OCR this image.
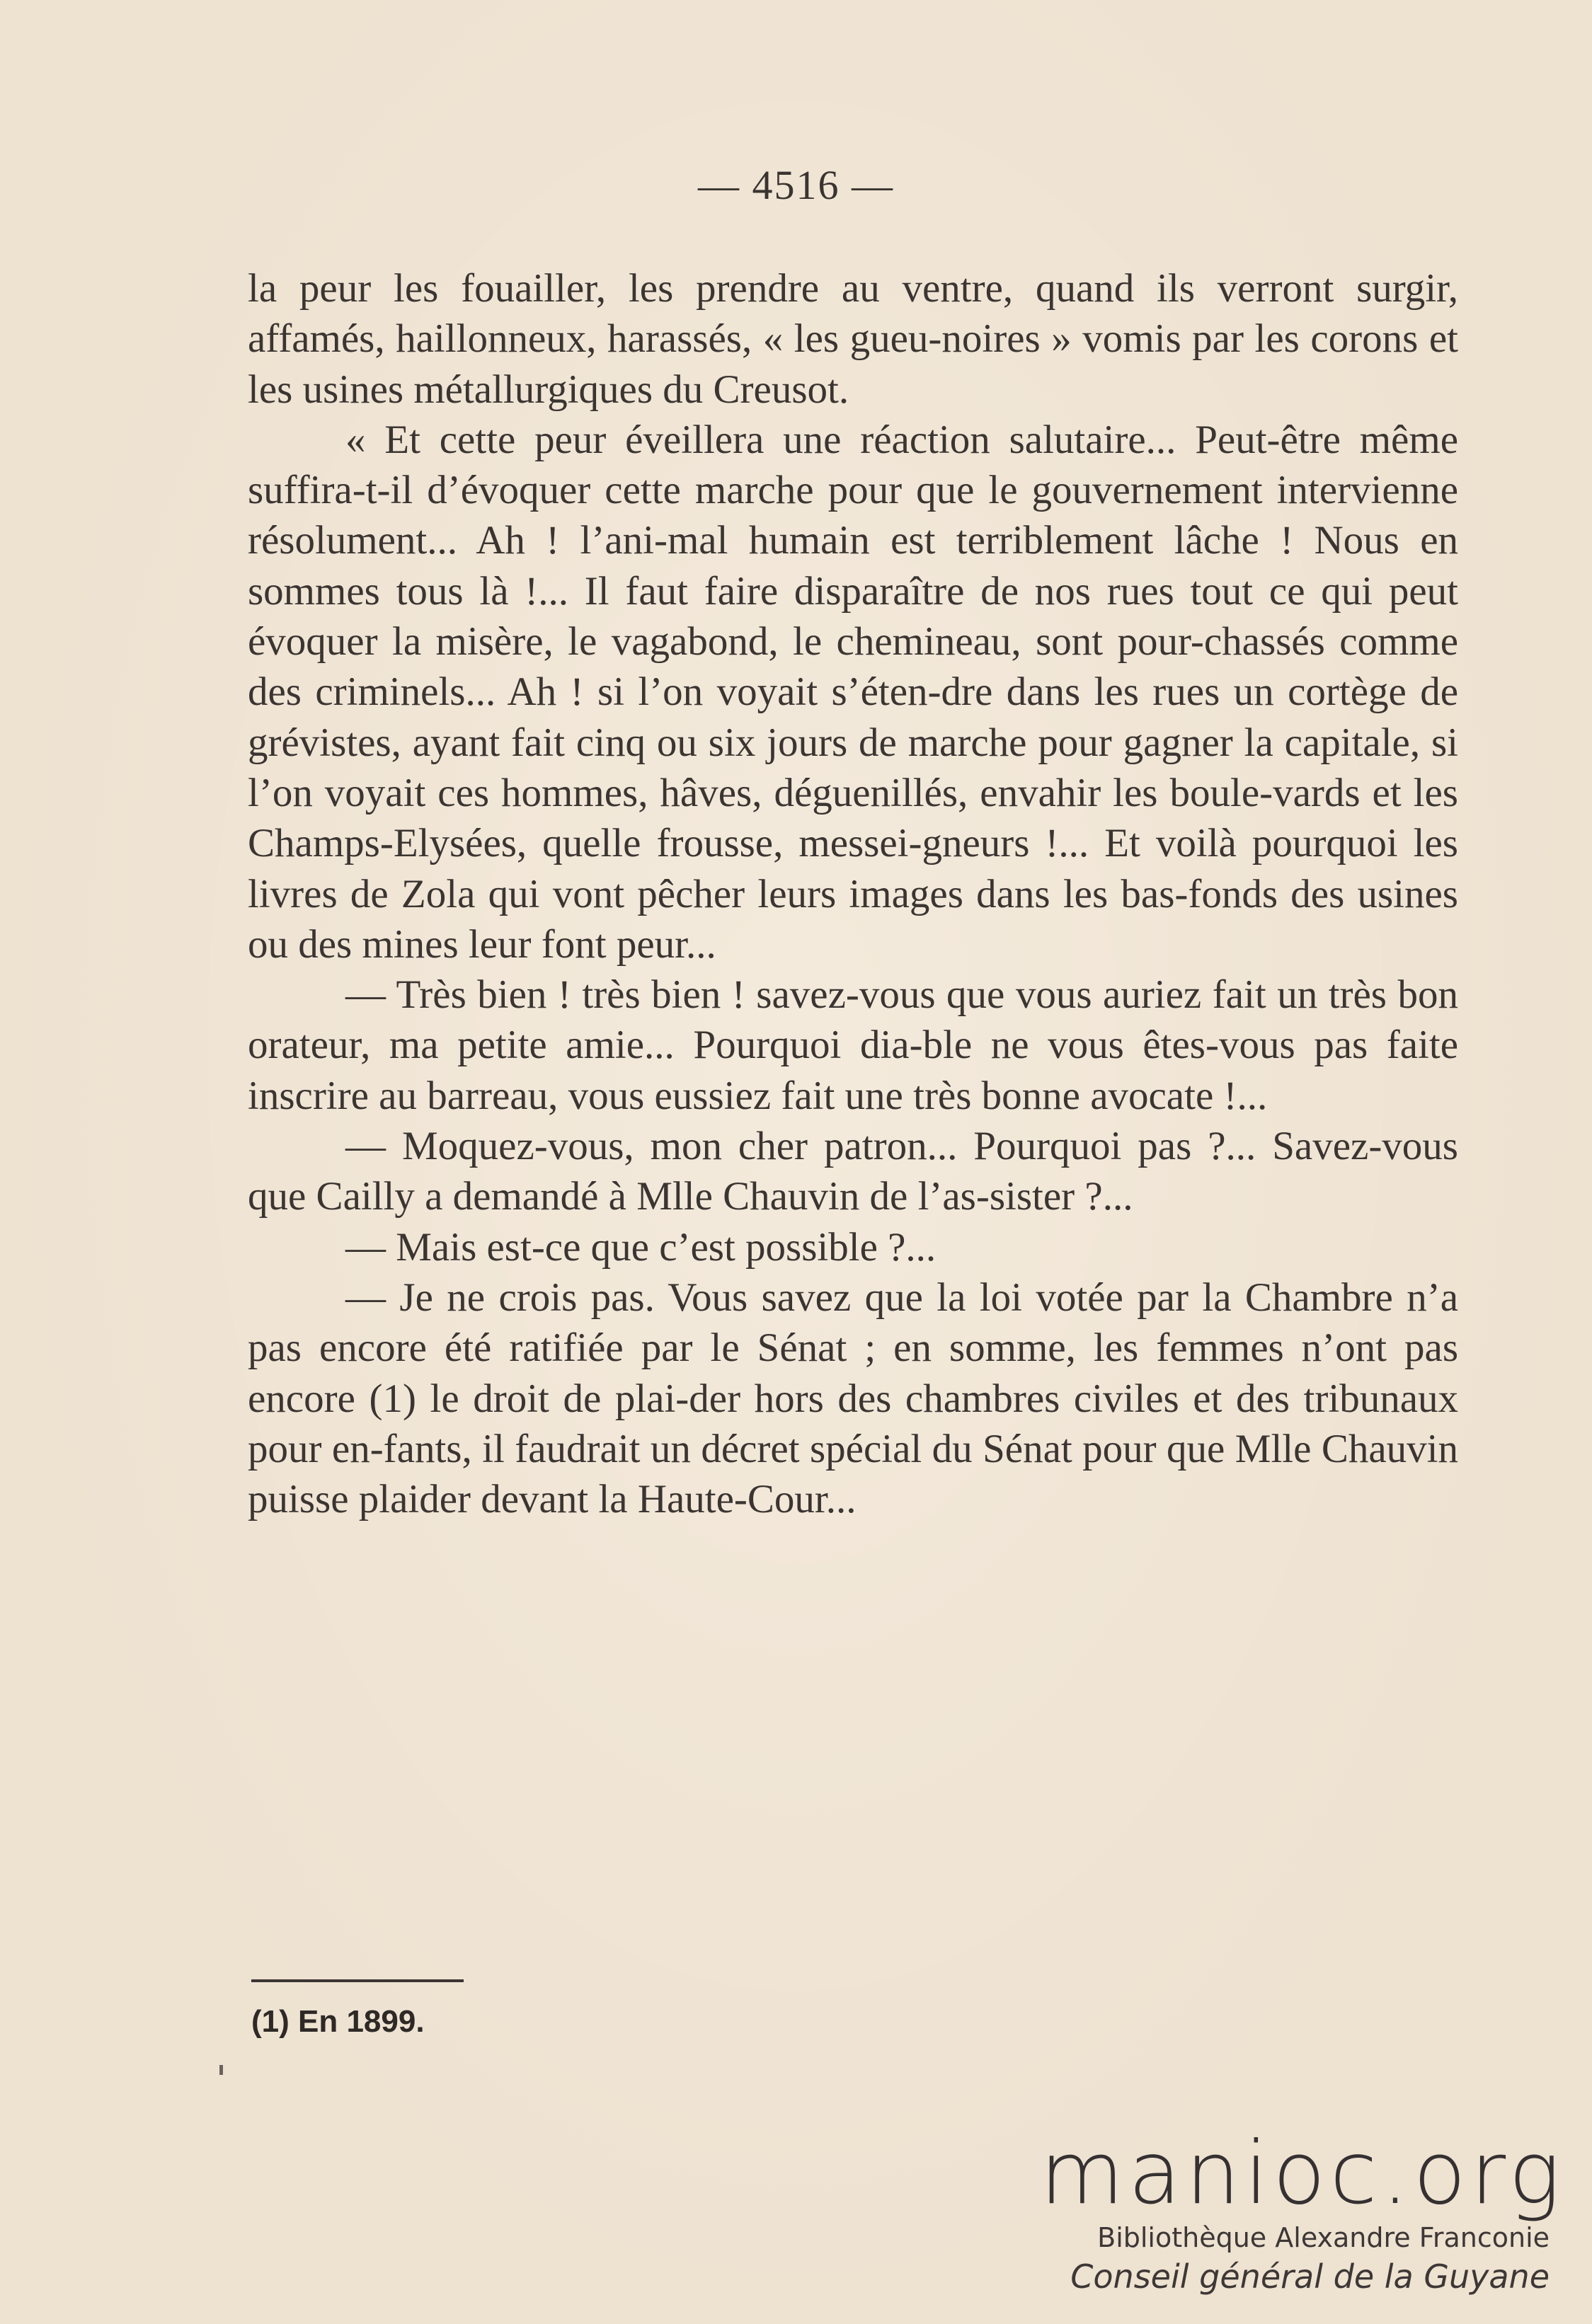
— 4516 —

la peur les fouailler, les prendre au ventre, quand ils verront surgir, affamés, haillonneux, harassés, « les gueu-noires » vomis par les corons et les usines métallurgiques du Creusot.

« Et cette peur éveillera une réaction salutaire... Peut-être même suffira-t-il d’évoquer cette marche pour que le gouvernement intervienne résolument... Ah ! l’ani-mal humain est terriblement lâche ! Nous en sommes tous là !... Il faut faire disparaître de nos rues tout ce qui peut évoquer la misère, le vagabond, le chemineau, sont pour-chassés comme des criminels... Ah ! si l’on voyait s’éten-dre dans les rues un cortège de grévistes, ayant fait cinq ou six jours de marche pour gagner la capitale, si l’on voyait ces hommes, hâves, déguenillés, envahir les boule-vards et les Champs-Elysées, quelle frousse, messei-gneurs !... Et voilà pourquoi les livres de Zola qui vont pêcher leurs images dans les bas-fonds des usines ou des mines leur font peur...

— Très bien ! très bien ! savez-vous que vous auriez fait un très bon orateur, ma petite amie... Pourquoi dia-ble ne vous êtes-vous pas faite inscrire au barreau, vous eussiez fait une très bonne avocate !...

— Moquez-vous, mon cher patron... Pourquoi pas ?... Savez-vous que Cailly a demandé à Mlle Chauvin de l’as-sister ?...

— Mais est-ce que c’est possible ?...

— Je ne crois pas. Vous savez que la loi votée par la Chambre n’a pas encore été ratifiée par le Sénat ; en somme, les femmes n’ont pas encore (1) le droit de plai-der hors des chambres civiles et des tribunaux pour en-fants, il faudrait un décret spécial du Sénat pour que Mlle Chauvin puisse plaider devant la Haute-Cour...

(1) En 1899.
manioc.org
Bibliothèque Alexandre Franconie
Conseil général de la Guyane
